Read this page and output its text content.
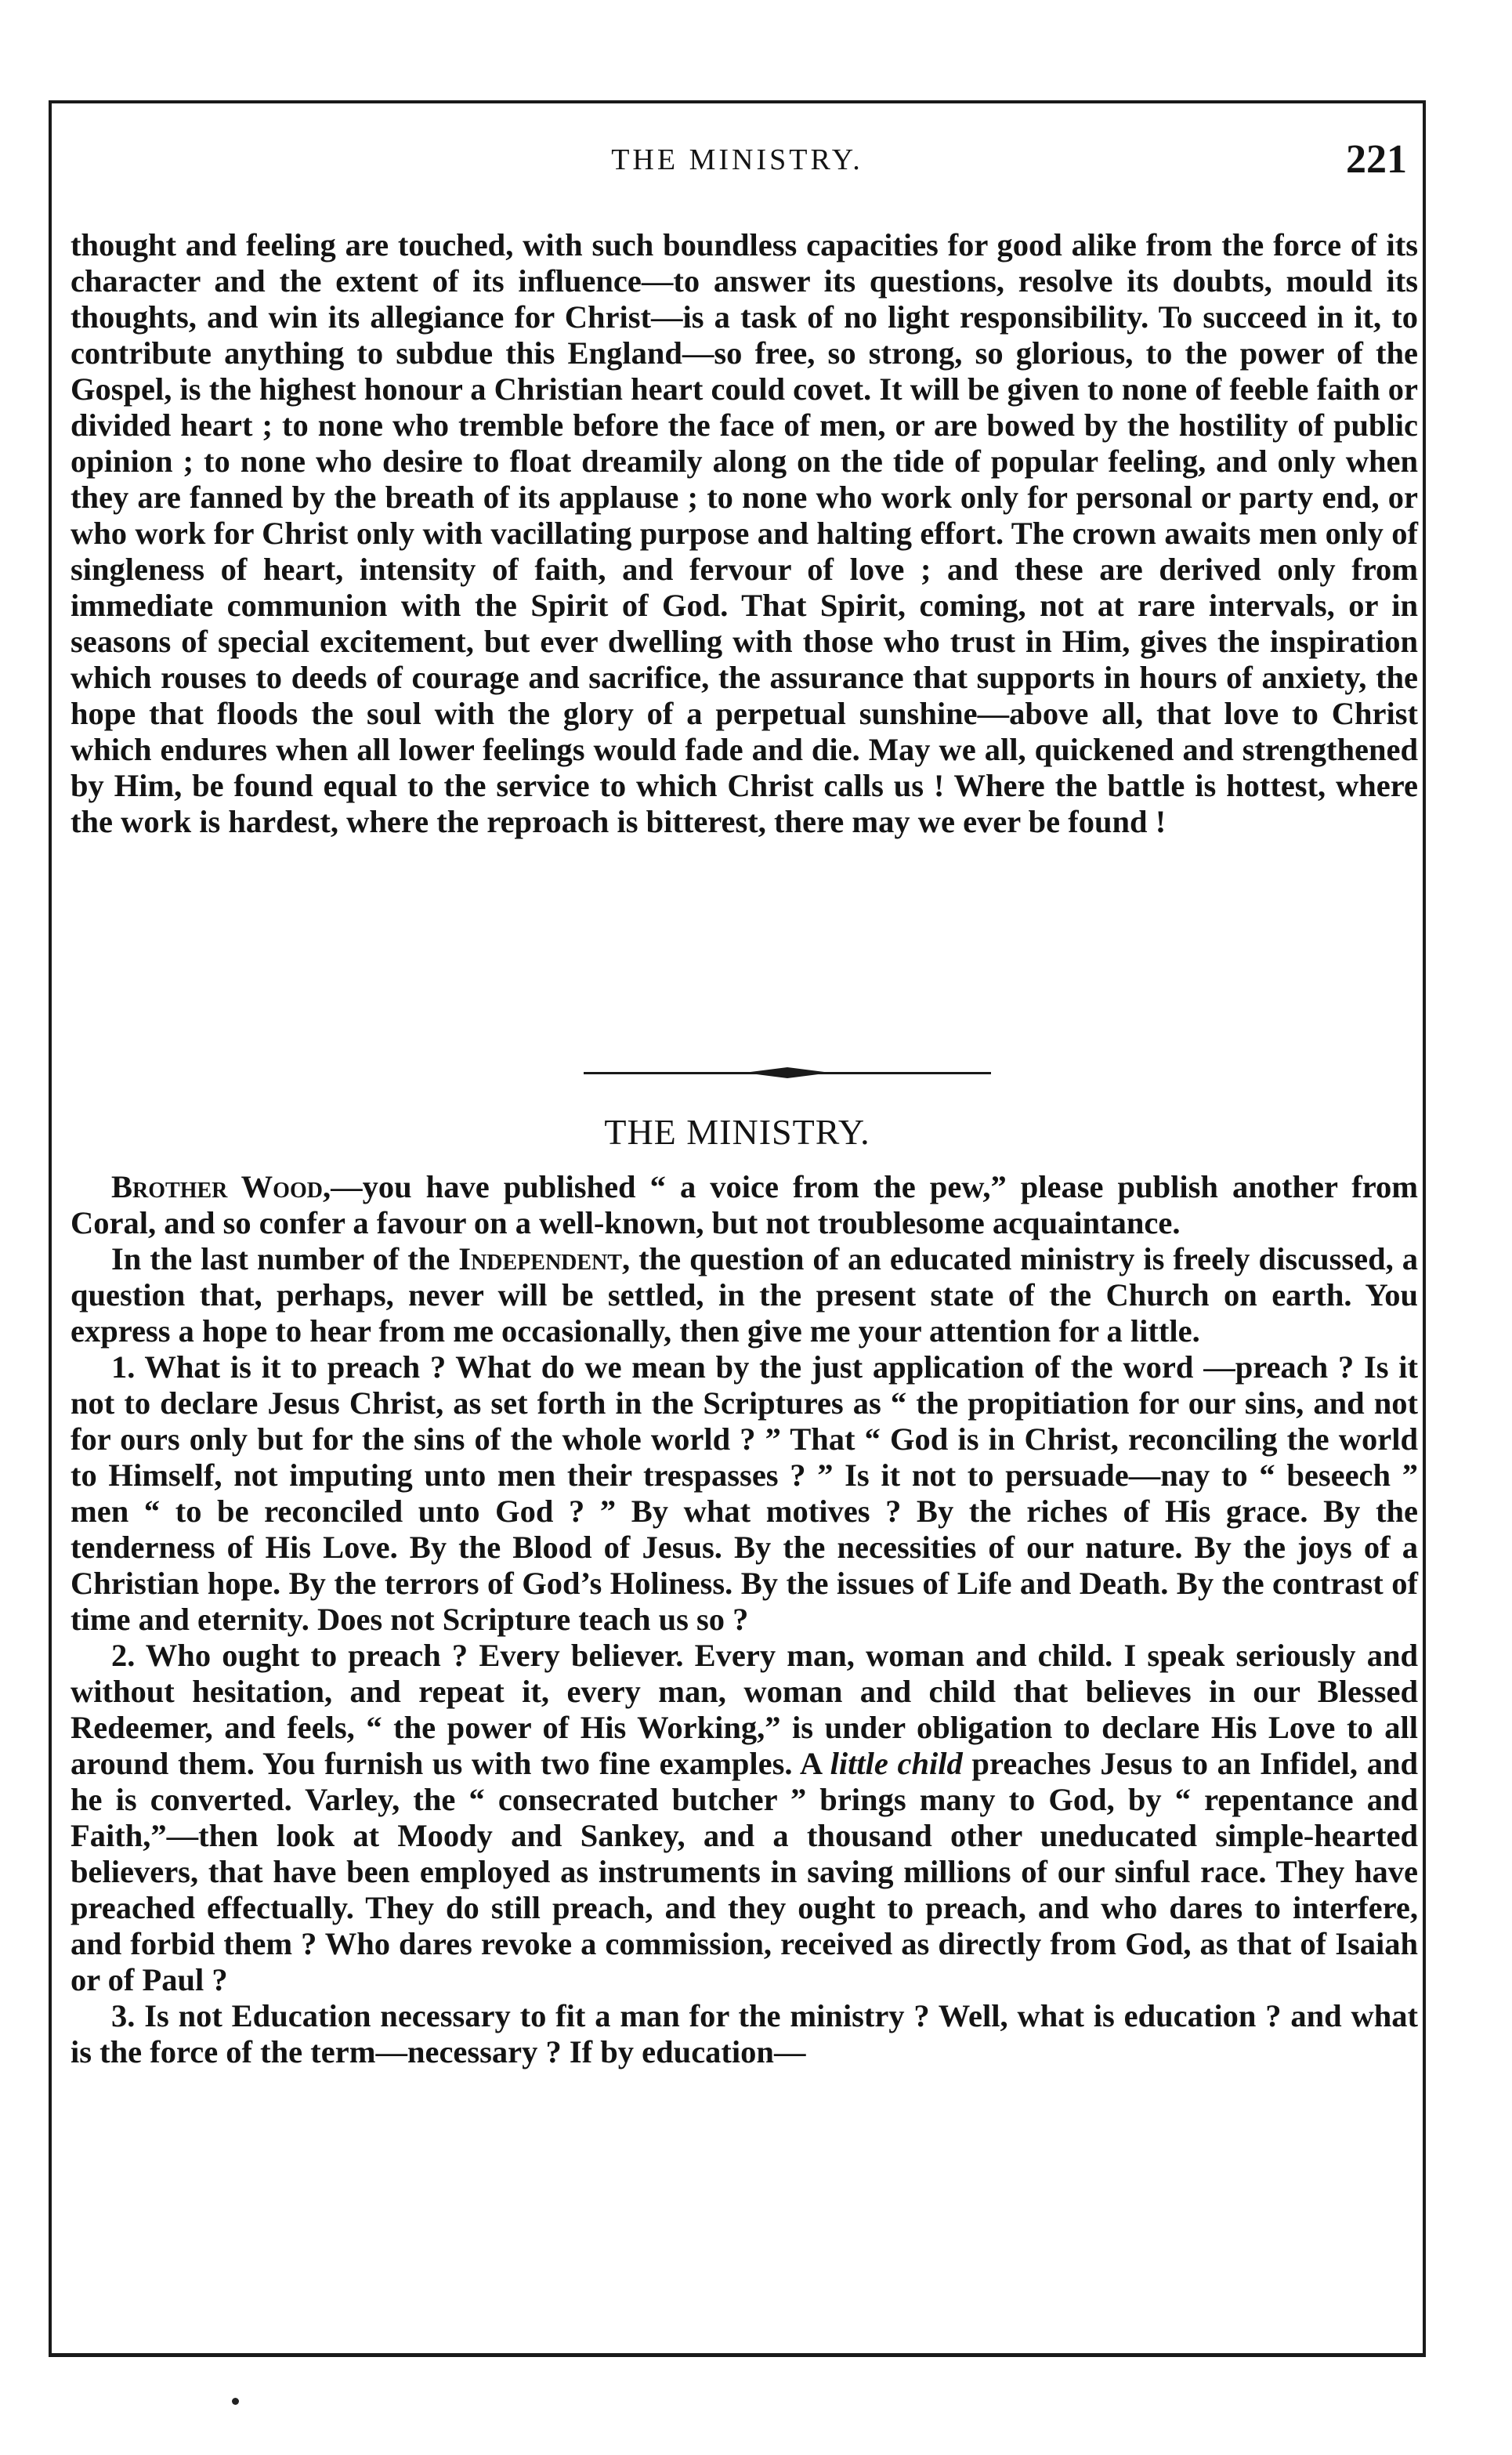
THE MINISTRY.	221

thought and feeling are touched, with such boundless capacities for good alike from the force of its character and the extent of its influence—to answer its questions, resolve its doubts, mould its thoughts, and win its allegiance for Christ—is a task of no light responsibility. To succeed in it, to contribute anything to subdue this England—so free, so strong, so glorious, to the power of the Gospel, is the highest honour a Christian heart could covet. It will be given to none of feeble faith or divided heart ; to none who tremble before the face of men, or are bowed by the hostility of public opinion ; to none who desire to float dreamily along on the tide of popular feeling, and only when they are fanned by the breath of its applause ; to none who work only for personal or party end, or who work for Christ only with vacillating purpose and halting effort. The crown awaits men only of singleness of heart, intensity of faith, and fervour of love ; and these are derived only from immediate communion with the Spirit of God. That Spirit, coming, not at rare intervals, or in seasons of special excitement, but ever dwelling with those who trust in Him, gives the inspiration which rouses to deeds of courage and sacrifice, the assurance that supports in hours of anxiety, the hope that floods the soul with the glory of a perpetual sunshine—above all, that love to Christ which endures when all lower feelings would fade and die. May we all, quickened and strengthened by Him, be found equal to the service to which Christ calls us ! Where the battle is hottest, where the work is hardest, where the reproach is bitterest, there may we ever be found !

THE MINISTRY.

Brother Wood,—you have published “ a voice from the pew,” please publish another from Coral, and so confer a favour on a well-known, but not troublesome acquaintance.

In the last number of the Independent, the question of an educated ministry is freely discussed, a question that, perhaps, never will be settled, in the present state of the Church on earth. You express a hope to hear from me occasionally, then give me your attention for a little.

1. What is it to preach ? What do we mean by the just application of the word —preach ? Is it not to declare Jesus Christ, as set forth in the Scriptures as “ the propitiation for our sins, and not for ours only but for the sins of the whole world ? ” That “ God is in Christ, reconciling the world to Himself, not imputing unto men their trespasses ? ” Is it not to persuade—nay to “ beseech ” men “ to be reconciled unto God ? ” By what motives ? By the riches of His grace. By the tenderness of His Love. By the Blood of Jesus. By the necessities of our nature. By the joys of a Christian hope. By the terrors of God’s Holiness. By the issues of Life and Death. By the contrast of time and eternity. Does not Scripture teach us so ?

2. Who ought to preach ? Every believer. Every man, woman and child. I speak seriously and without hesitation, and repeat it, every man, woman and child that believes in our Blessed Redeemer, and feels, “ the power of His Working,” is under obligation to declare His Love to all around them. You furnish us with two fine examples. A little child preaches Jesus to an Infidel, and he is converted. Varley, the “ consecrated butcher ” brings many to God, by “ repentance and Faith,”—then look at Moody and Sankey, and a thousand other uneducated simple-hearted believers, that have been employed as instruments in saving millions of our sinful race. They have preached effectually. They do still preach, and they ought to preach, and who dares to interfere, and forbid them ? Who dares revoke a commission, received as directly from God, as that of Isaiah or of Paul ?

3. Is not Education necessary to fit a man for the ministry ? Well, what is education ? and what is the force of the term—necessary ? If by education—
